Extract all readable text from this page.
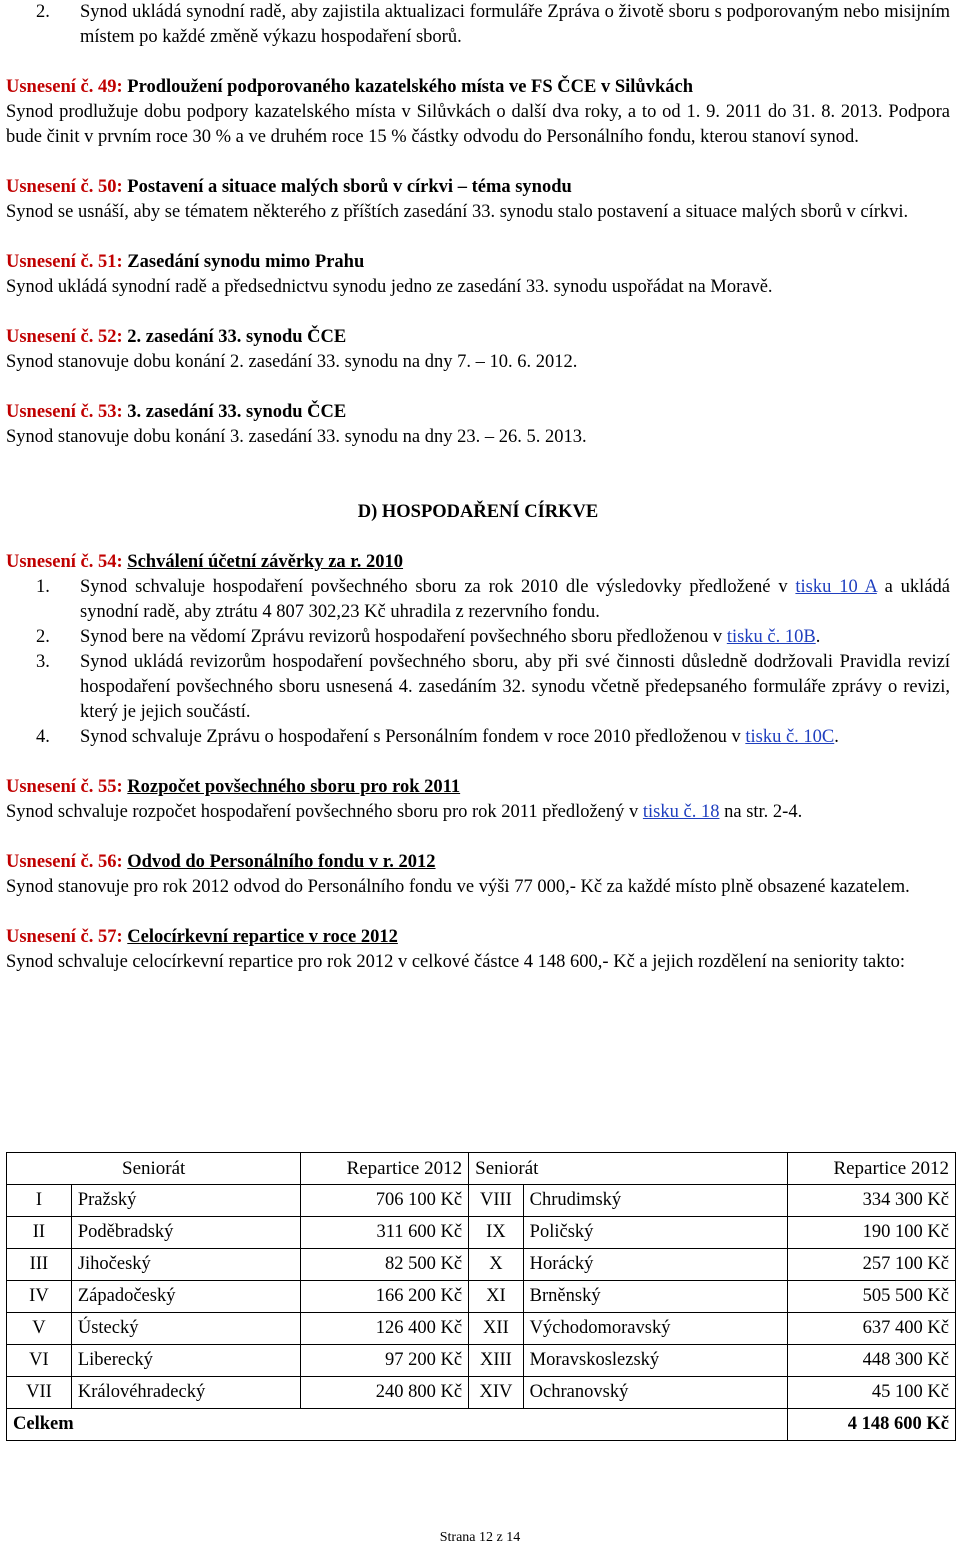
2. Synod ukládá synodní radě, aby zajistila aktualizaci formuláře Zpráva o životě sboru s podporovaným nebo misijním místem po každé změně výkazu hospodaření sborů.

Usnesení č. 49: Prodloužení podporovaného kazatelského místa ve FS ČCE v Silůvkách

Synod prodlužuje dobu podpory kazatelského místa v Silůvkách o další dva roky, a to od 1. 9. 2011 do 31. 8. 2013. Podpora bude činit v prvním roce 30 % a ve druhém roce 15 % částky odvodu do Personálního fondu, kterou stanoví synod.

Usnesení č. 50: Postavení a situace malých sborů v církvi – téma synodu

Synod se usnáší, aby se tématem některého z příštích zasedání 33. synodu stalo postavení a situace malých sborů v církvi.

Usnesení č. 51: Zasedání synodu mimo Prahu

Synod ukládá synodní radě a předsednictvu synodu jedno ze zasedání 33. synodu uspořádat na Moravě.

Usnesení č. 52: 2. zasedání 33. synodu ČCE

Synod stanovuje dobu konání 2. zasedání 33. synodu na dny 7. – 10. 6. 2012.

Usnesení č. 53: 3. zasedání 33. synodu ČCE

Synod stanovuje dobu konání 3. zasedání 33. synodu na dny 23. – 26. 5. 2013.

D) HOSPODAŘENÍ CÍRKVE

Usnesení č. 54: Schválení účetní závěrky za r. 2010

1. Synod schvaluje hospodaření povšechného sboru za rok 2010 dle výsledovky předložené v tisku 10 A a ukládá synodní radě, aby ztrátu 4 807 302,23 Kč uhradila z rezervního fondu.
2. Synod bere na vědomí Zprávu revizorů hospodaření povšechného sboru předloženou v tisku č. 10B.
3. Synod ukládá revizorům hospodaření povšechného sboru, aby při své činnosti důsledně dodržovali Pravidla revizí hospodaření povšechného sboru usnesená 4. zasedáním 32. synodu včetně předepsaného formuláře zprávy o revizi, který je jejich součástí.
4. Synod schvaluje Zprávu o hospodaření s Personálním fondem v roce 2010 předloženou v tisku č. 10C.

Usnesení č. 55: Rozpočet povšechného sboru pro rok 2011

Synod schvaluje rozpočet hospodaření povšechného sboru pro rok 2011 předložený v tisku č. 18 na str. 2-4.

Usnesení č. 56: Odvod do Personálního fondu v r. 2012

Synod stanovuje pro rok 2012 odvod do Personálního fondu ve výši 77 000,- Kč za každé místo plně obsazené kazatelem.

Usnesení č. 57: Celocírkevní repartice v roce 2012

Synod schvaluje celocírkevní repartice pro rok 2012 v celkové částce 4 148 600,- Kč a jejich rozdělení na seniority takto:

Seniorát		Repartice 2012	Seniorát		Repartice 2012
I	Pražský	706 100 Kč	VIII	Chrudimský	334 300 Kč
II	Poděbradský	311 600 Kč	IX	Poličský	190 100 Kč
III	Jihočeský	82 500 Kč	X	Horácký	257 100 Kč
IV	Západočeský	166 200 Kč	XI	Brněnský	505 500 Kč
V	Ústecký	126 400 Kč	XII	Východomoravský	637 400 Kč
VI	Liberecký	97 200 Kč	XIII	Moravskoslezský	448 300 Kč
VII	Královéhradecký	240 800 Kč	XIV	Ochranovský	45 100 Kč
Celkem					4 148 600 Kč
Strana 12 z 14
